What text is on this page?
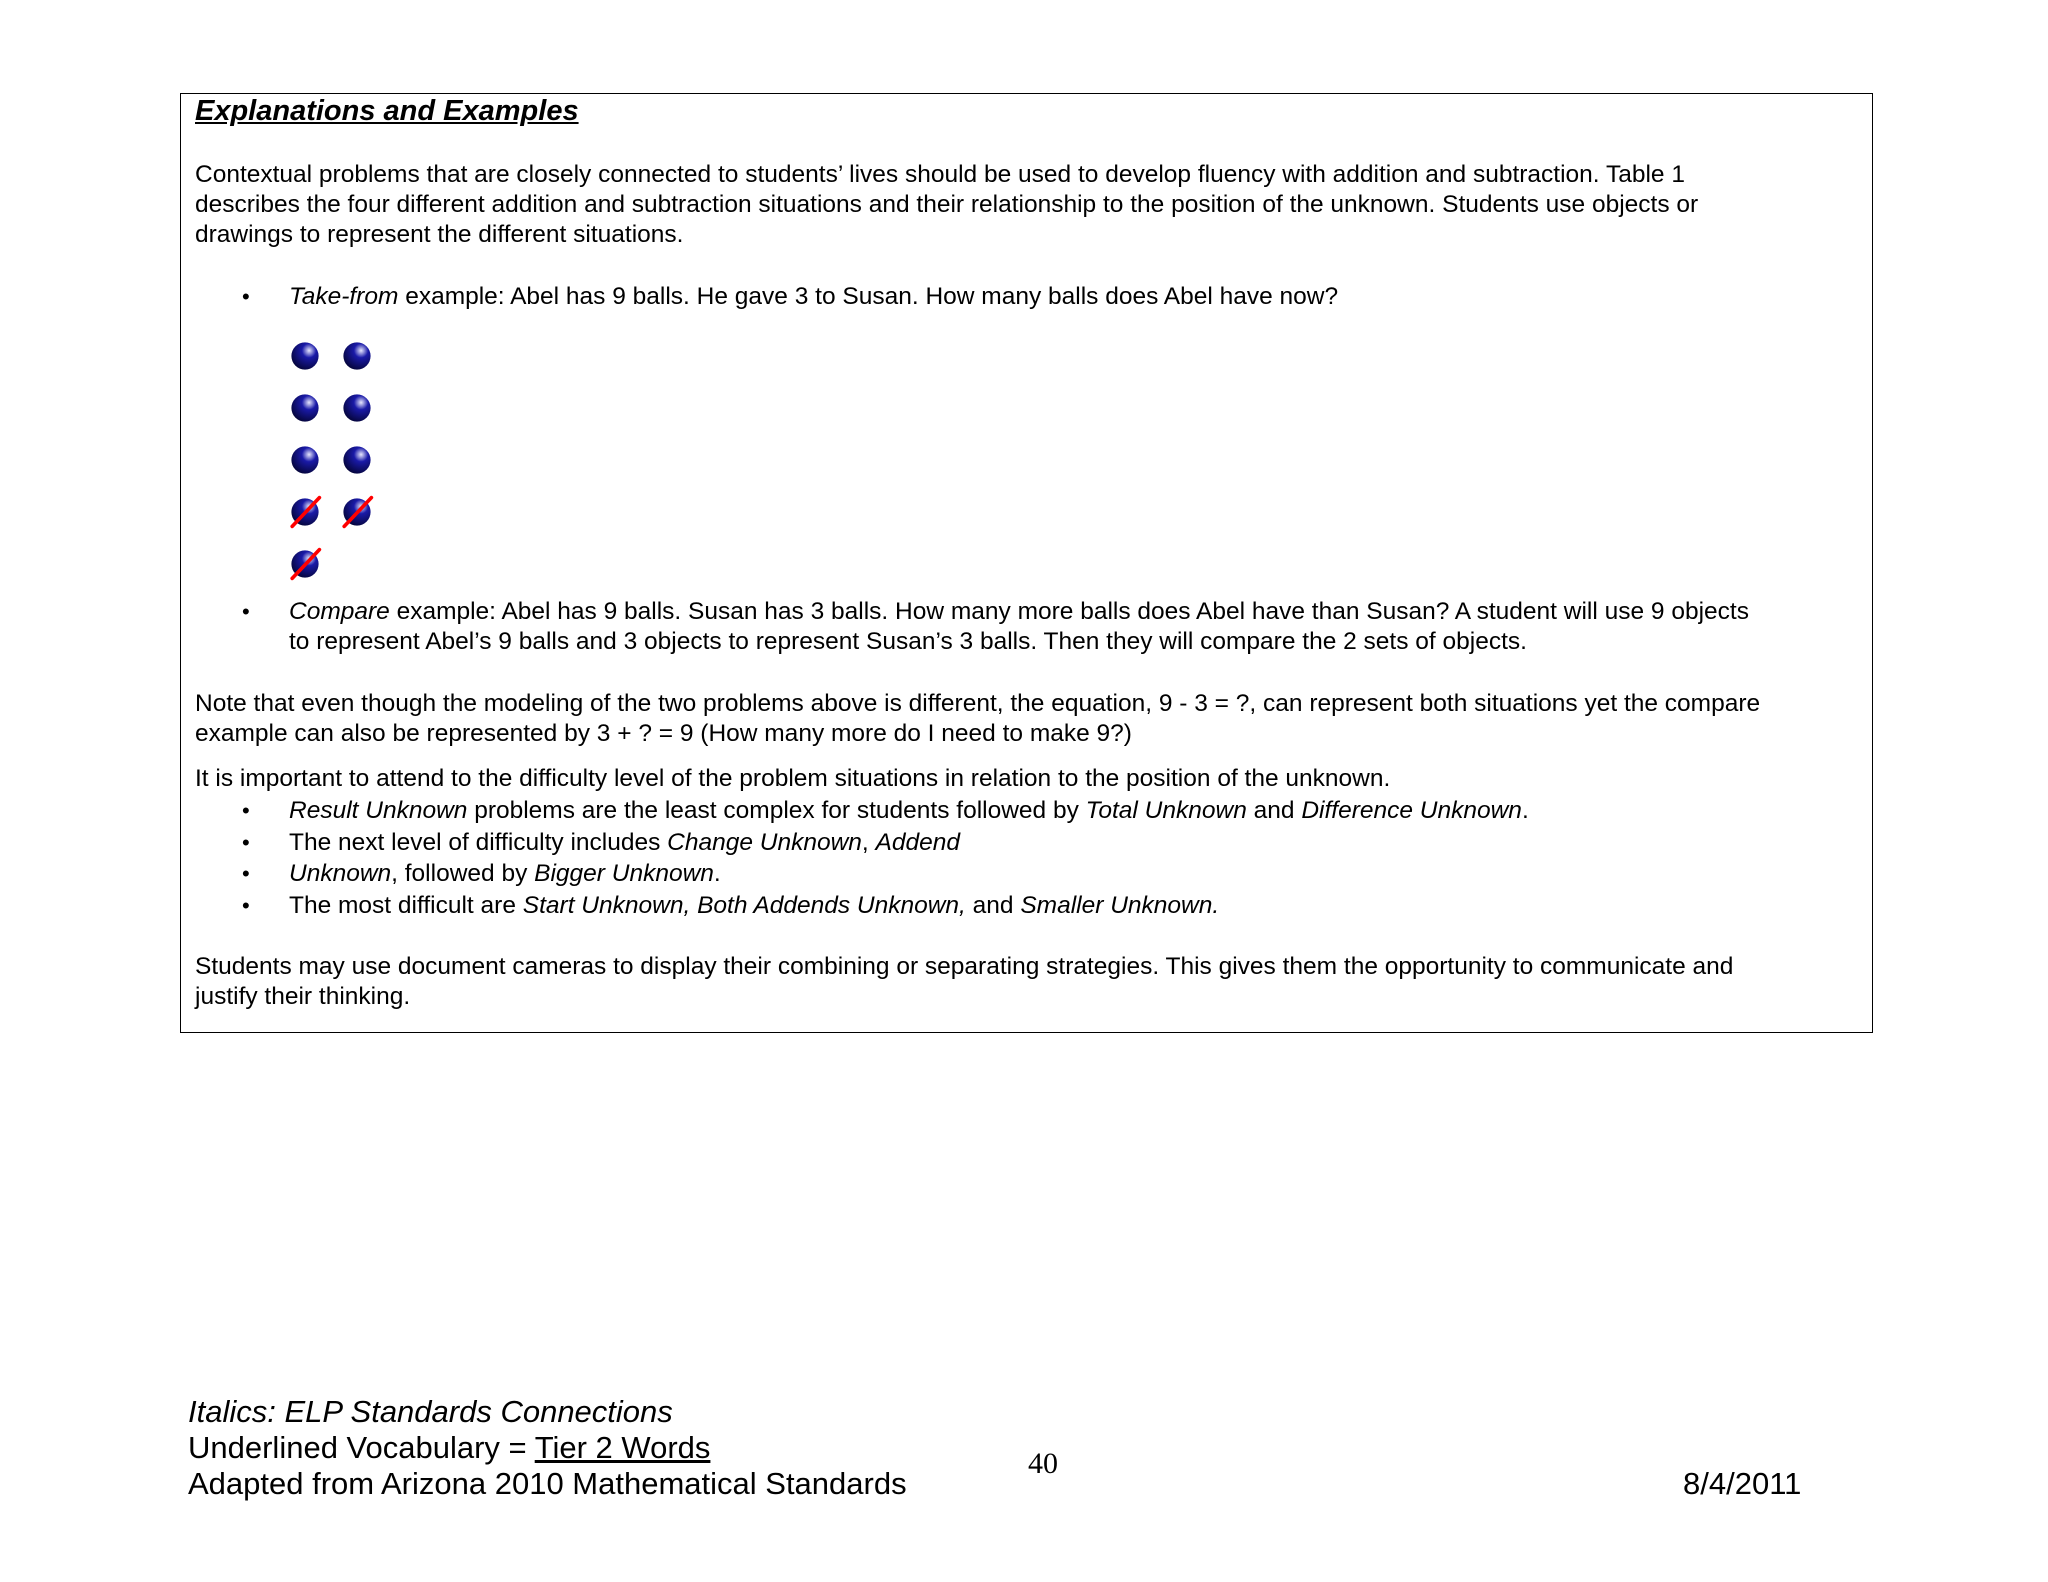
Explanations and Examples
Contextual problems that are closely connected to students’ lives should be used to develop fluency with addition and subtraction. Table 1
describes the four different addition and subtraction situations and their relationship to the position of the unknown. Students use objects or
drawings to represent the different situations.
• Take-from example: Abel has 9 balls. He gave 3 to Susan. How many balls does Abel have now?
• Compare example: Abel has 9 balls. Susan has 3 balls. How many more balls does Abel have than Susan? A student will use 9 objects
to represent Abel’s 9 balls and 3 objects to represent Susan’s 3 balls. Then they will compare the 2 sets of objects.
Note that even though the modeling of the two problems above is different, the equation, 9 - 3 = ?, can represent both situations yet the compare
example can also be represented by 3 + ? = 9 (How many more do I need to make 9?)
It is important to attend to the difficulty level of the problem situations in relation to the position of the unknown.
• Result Unknown problems are the least complex for students followed by Total Unknown and Difference Unknown.
• The next level of difficulty includes Change Unknown, Addend
• Unknown, followed by Bigger Unknown.
• The most difficult are Start Unknown, Both Addends Unknown, and Smaller Unknown.
Students may use document cameras to display their combining or separating strategies. This gives them the opportunity to communicate and
justify their thinking.
Italics: ELP Standards Connections
Underlined Vocabulary = Tier 2 Words
Adapted from Arizona 2010 Mathematical Standards
40
8/4/2011
